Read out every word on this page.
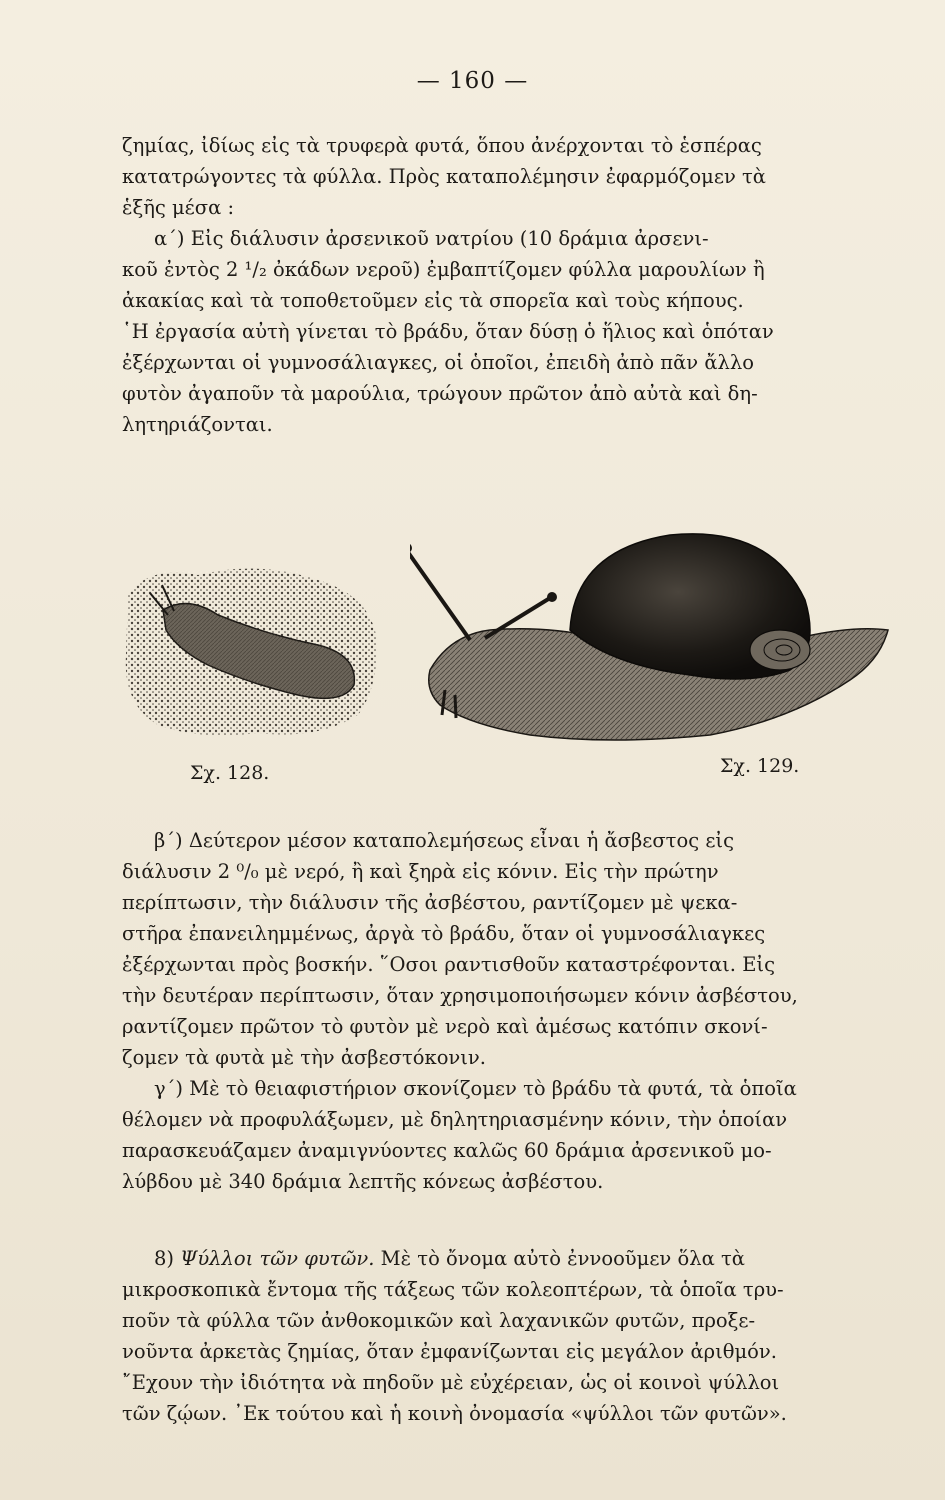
— 160 —

ζημίας, ἰδίως εἰς τὰ τρυφερὰ φυτά, ὅπου ἀνέρχονται τὸ ἑσπέρας

κατατρώγοντες τὰ φύλλα. Πρὸς καταπολέμησιν ἐφαρμόζομεν τὰ

ἑξῆς μέσα :

α΄) Εἰς διάλυσιν ἀρσενικοῦ νατρίου (10 δράμια ἀρσενι-

κοῦ ἐντὸς 2 ¹/₂ ὀκάδων νεροῦ) ἐμβαπτίζομεν φύλλα μαρουλίων ἢ

ἀκακίας καὶ τὰ τοποθετοῦμεν εἰς τὰ σπορεῖα καὶ τοὺς κήπους.

῾Η ἐργασία αὐτὴ γίνεται τὸ βράδυ, ὅταν δύσῃ ὁ ἥλιος καὶ ὁπόταν

ἐξέρχωνται οἱ γυμνοσάλιαγκες, οἱ ὁποῖοι, ἐπειδὴ ἀπὸ πᾶν ἄλλο

φυτὸν ἀγαποῦν τὰ μαρούλια, τρώγουν πρῶτον ἀπὸ αὐτὰ καὶ δη-

λητηριάζονται.

Σχ. 128.	Σχ. 129.

β΄) Δεύτερον μέσον καταπολεμήσεως εἶναι ἡ ἄσβεστος εἰς

διάλυσιν 2 ⁰/₀ μὲ νερό, ἢ καὶ ξηρὰ εἰς κόνιν. Εἰς τὴν πρώτην

περίπτωσιν, τὴν διάλυσιν τῆς ἀσβέστου, ραντίζομεν μὲ ψεκα-

στῆρα ἐπανειλημμένως, ἀργὰ τὸ βράδυ, ὅταν οἱ γυμνοσάλιαγκες

ἐξέρχωνται πρὸς βοσκήν. ῞Οσοι ραντισθοῦν καταστρέφονται. Εἰς

τὴν δευτέραν περίπτωσιν, ὅταν χρησιμοποιήσωμεν κόνιν ἀσβέστου,

ραντίζομεν πρῶτον τὸ φυτὸν μὲ νερὸ καὶ ἀμέσως κατόπιν σκονί-

ζομεν τὰ φυτὰ μὲ τὴν ἀσβεστόκονιν.

γ΄) Μὲ τὸ θειαφιστήριον σκονίζομεν τὸ βράδυ τὰ φυτά, τὰ ὁποῖα

θέλομεν νὰ προφυλάξωμεν, μὲ δηλητηριασμένην κόνιν, τὴν ὁποίαν

παρασκευάζαμεν ἀναμιγνύοντες καλῶς 60 δράμια ἀρσενικοῦ μο-

λύβδου μὲ 340 δράμια λεπτῆς κόνεως ἀσβέστου.

8) Ψύλλοι τῶν φυτῶν. Μὲ τὸ ὄνομα αὐτὸ ἐννοοῦμεν ὅλα τὰ

μικροσκοπικὰ ἔντομα τῆς τάξεως τῶν κολεοπτέρων, τὰ ὁποῖα τρυ-

ποῦν τὰ φύλλα τῶν ἀνθοκομικῶν καὶ λαχανικῶν φυτῶν, προξε-

νοῦντα ἀρκετὰς ζημίας, ὅταν ἐμφανίζωνται εἰς μεγάλον ἀριθμόν.

῎Εχουν τὴν ἰδιότητα νὰ πηδοῦν μὲ εὐχέρειαν, ὡς οἱ κοινοὶ ψύλλοι

τῶν ζῴων. ᾿Εκ τούτου καὶ ἡ κοινὴ ὀνομασία «ψύλλοι τῶν φυτῶν».
